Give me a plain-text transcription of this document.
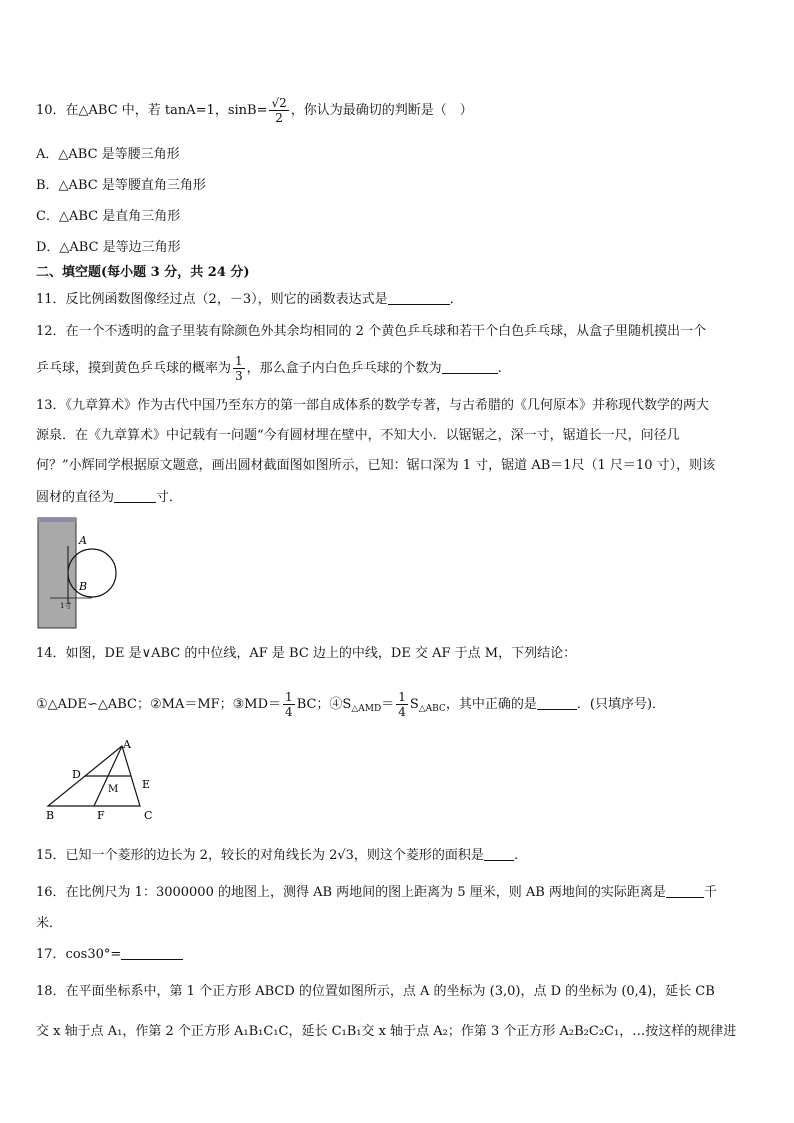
10．在△ABC 中，若 tanA=1，$\sin B= \frac{√2}{2}$ ，你认为最确切的判断是（　）
A．△ABC 是等腰三角形
B．△ABC 是等腰直角三角形
C．△ABC 是直角三角形
D．△ABC 是等边三角形
二、填空题(每小题 3 分，共 24 分)
11．反比例函数图像经过点（2，－3），则它的函数表达式是	．
12．在一个不透明的盒子里装有除颜色外其余均相同的 2 个黄色乒乓球和若干个白色乒乓球，从盒子里随机摸出一个
乒乓球，摸到黄色乒乓球的概率为 $\frac{1}{3}$ ，那么盒子内白色乒乓球的个数为	.
13．《九章算术》作为古代中国乃至东方的第一部自成体系的数学专著，与古希腊的《几何原本》并称现代数学的两大
源泉．在《九章算术》中记载有一问题“今有圆材埋在壁中，不知大小．以锯锯之，深一寸，锯道长一尺，问径几
何？”小辉同学根据原文题意，画出圆材截面图如图所示，已知：锯口深为 1 寸，锯道 AB＝1尺（1 尺＝10 寸），则该
圆材的直径为	寸．
A
B
1寸
14．如图，DE 是∨ABC 的中位线，AF 是 BC 边上的中线，DE 交 AF 于点 M，下列结论：
①△ADE∽△ABC；②MA＝MF；③MD＝ $\frac{1}{4}$ BC；$④S_{\triangle AMD}= \frac{1}{4} S_{\triangle ABC}$，其中正确的是	．(只填序号)．
A
D
E
M
B	F	C
15．已知一个菱形的边长为 2，较长的对角线长为 2√3，则这个菱形的面积是 .
16．在比例尺为 1：3000000 的地图上，测得 AB 两地间的图上距离为 5 厘米，则 AB 两地间的实际距离是	千
米．
17．cos30°=
18．在平面坐标系中，第 1 个正方形 ABCD 的位置如图所示，点 A 的坐标为 (3,0)，点 D 的坐标为 (0,4)，延长 CB
交 x 轴于点 A₁，作第 2 个正方形 A₁B₁C₁C，延长 C₁B₁交 x 轴于点 A₂；作第 3 个正方形 A₂B₂C₂C₁，…按这样的规律进
